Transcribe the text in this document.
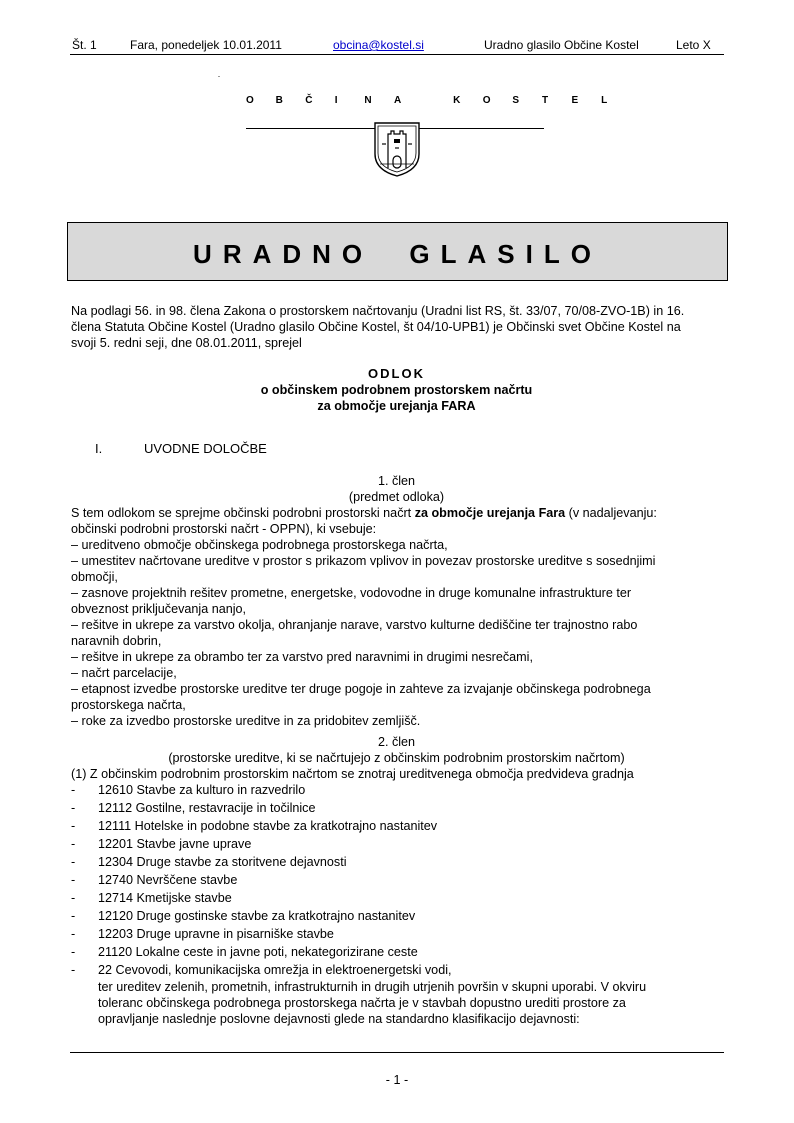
Št. 1	Fara, ponedeljek 10.01.2011	obcina@kostel.si	Uradno glasilo Občine Kostel	Leto X
O B Č I	N A	K O S T E L
URADNO GLASILO
Na podlagi 56. in 98. člena Zakona o prostorskem načrtovanju (Uradni list RS, št. 33/07, 70/08-ZVO-1B) in 16.
člena Statuta Občine Kostel (Uradno glasilo Občine Kostel, št 04/10-UPB1) je Občinski svet Občine Kostel na
svoji 5. redni seji, dne 08.01.2011, sprejel
ODLOK
o občinskem podrobnem prostorskem načrtu
za območje urejanja FARA
I.	UVODNE DOLOČBE
1. člen
(predmet odloka)
S tem odlokom se sprejme občinski podrobni prostorski načrt za območje urejanja Fara (v nadaljevanju:
občinski podrobni prostorski načrt - OPPN), ki vsebuje:
– ureditveno območje občinskega podrobnega prostorskega načrta,
– umestitev načrtovane ureditve v prostor s prikazom vplivov in povezav prostorske ureditve s sosednjimi
območji,
– zasnove projektnih rešitev prometne, energetske, vodovodne in druge komunalne infrastrukture ter
obveznost priključevanja nanjo,
– rešitve in ukrepe za varstvo okolja, ohranjanje narave, varstvo kulturne dediščine ter trajnostno rabo
naravnih dobrin,
– rešitve in ukrepe za obrambo ter za varstvo pred naravnimi in drugimi nesrečami,
– načrt parcelacije,
– etapnost izvedbe prostorske ureditve ter druge pogoje in zahteve za izvajanje občinskega podrobnega
prostorskega načrta,
– roke za izvedbo prostorske ureditve in za pridobitev zemljišč.
2. člen
(prostorske ureditve, ki se načrtujejo z občinskim podrobnim prostorskim načrtom)
(1) Z občinskim podrobnim prostorskim načrtom se znotraj ureditvenega območja predvideva gradnja
- 12610 Stavbe za kulturo in razvedrilo
- 12112 Gostilne, restavracije in točilnice
- 12111 Hotelske in podobne stavbe za kratkotrajno nastanitev
- 12201 Stavbe javne uprave
- 12304 Druge stavbe za storitvene dejavnosti
- 12740 Nevrščene stavbe
- 12714 Kmetijske stavbe
- 12120 Druge gostinske stavbe za kratkotrajno nastanitev
- 12203 Druge upravne in pisarniške stavbe
- 21120 Lokalne ceste in javne poti, nekategorizirane ceste
- 22 Cevovodi, komunikacijska omrežja in elektroenergetski vodi,
ter ureditev zelenih, prometnih, infrastrukturnih in drugih utrjenih površin v skupni uporabi. V okviru
toleranc občinskega podrobnega prostorskega načrta je v stavbah dopustno urediti prostore za
opravljanje naslednje poslovne dejavnosti glede na standardno klasifikacijo dejavnosti:
- 1 -
